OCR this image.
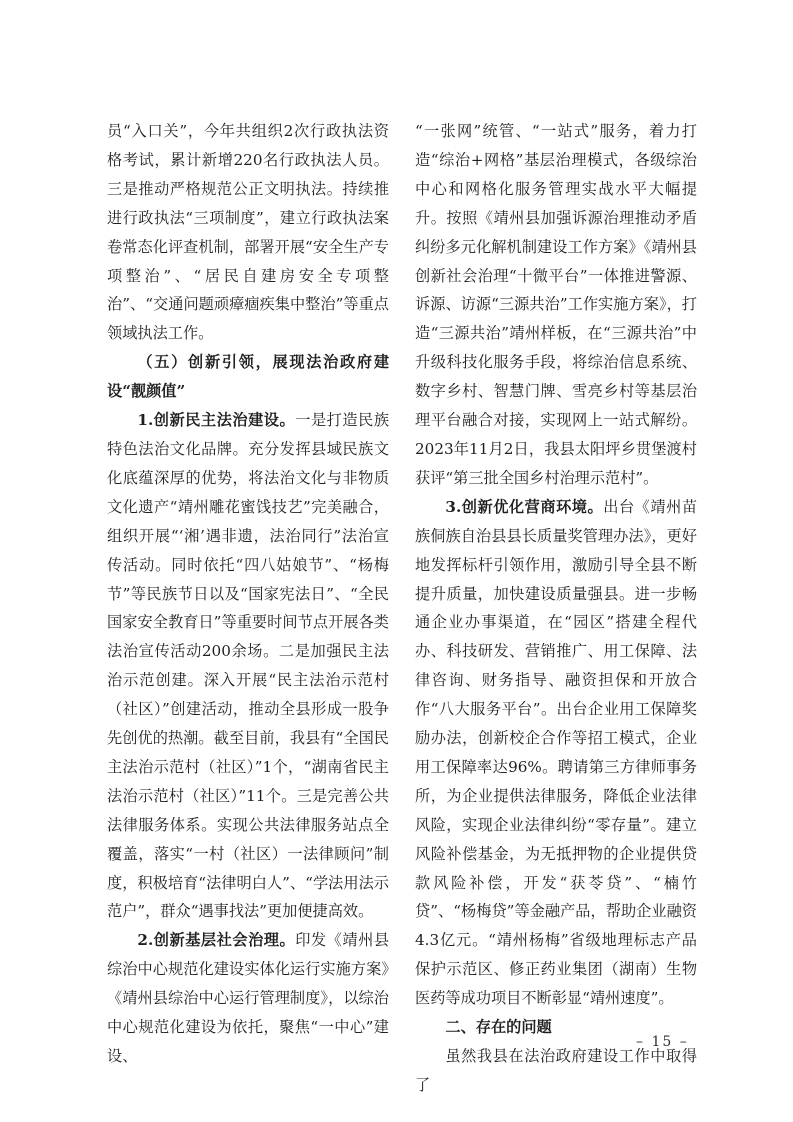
员“入口关”，今年共组织2次行政执法资格考试，累计新增220名行政执法人员。三是推动严格规范公正文明执法。持续推进行政执法“三项制度”，建立行政执法案卷常态化评查机制，部署开展“安全生产专项整治”、“居民自建房安全专项整治”、“交通问题顽瘴痼疾集中整治”等重点领域执法工作。

（五）创新引领，展现法治政府建设“靓颜值”

1.创新民主法治建设。一是打造民族特色法治文化品牌。充分发挥县域民族文化底蕴深厚的优势，将法治文化与非物质文化遗产“靖州雕花蜜饯技艺”完美融合，组织开展“‘湘’遇非遗，法治同行”法治宣传活动。同时依托“四八姑娘节”、“杨梅节”等民族节日以及“国家宪法日”、“全民国家安全教育日”等重要时间节点开展各类法治宣传活动200余场。二是加强民主法治示范创建。深入开展“民主法治示范村（社区）”创建活动，推动全县形成一股争先创优的热潮。截至目前，我县有“全国民主法治示范村（社区）”1个，“湖南省民主法治示范村（社区）”11个。三是完善公共法律服务体系。实现公共法律服务站点全覆盖，落实“一村（社区）一法律顾问”制度，积极培育“法律明白人”、“学法用法示范户”，群众“遇事找法”更加便捷高效。

2.创新基层社会治理。印发《靖州县综治中心规范化建设实体化运行实施方案》《靖州县综治中心运行管理制度》，以综治中心规范化建设为依托，聚焦“一中心”建设、

“一张网”统管、“一站式”服务，着力打造“综治+网格”基层治理模式，各级综治中心和网格化服务管理实战水平大幅提升。按照《靖州县加强诉源治理推动矛盾纠纷多元化解机制建设工作方案》《靖州县创新社会治理“十微平台”一体推进警源、诉源、访源“三源共治”工作实施方案》，打造“三源共治”靖州样板，在“三源共治”中升级科技化服务手段，将综治信息系统、数字乡村、智慧门牌、雪亮乡村等基层治理平台融合对接，实现网上一站式解纷。2023年11月2日，我县太阳坪乡贯堡渡村获评“第三批全国乡村治理示范村”。

3.创新优化营商环境。出台《靖州苗族侗族自治县县长质量奖管理办法》，更好地发挥标杆引领作用，激励引导全县不断提升质量，加快建设质量强县。进一步畅通企业办事渠道，在“园区”搭建全程代办、科技研发、营销推广、用工保障、法律咨询、财务指导、融资担保和开放合作“八大服务平台”。出台企业用工保障奖励办法，创新校企合作等招工模式，企业用工保障率达96%。聘请第三方律师事务所，为企业提供法律服务，降低企业法律风险，实现企业法律纠纷“零存量”。建立风险补偿基金，为无抵押物的企业提供贷款风险补偿，开发“获苓贷”、“楠竹贷”、“杨梅贷”等金融产品，帮助企业融资4.3亿元。“靖州杨梅”省级地理标志产品保护示范区、修正药业集团（湖南）生物医药等成功项目不断彰显“靖州速度”。

二、存在的问题

虽然我县在法治政府建设工作中取得了

– 15 –
